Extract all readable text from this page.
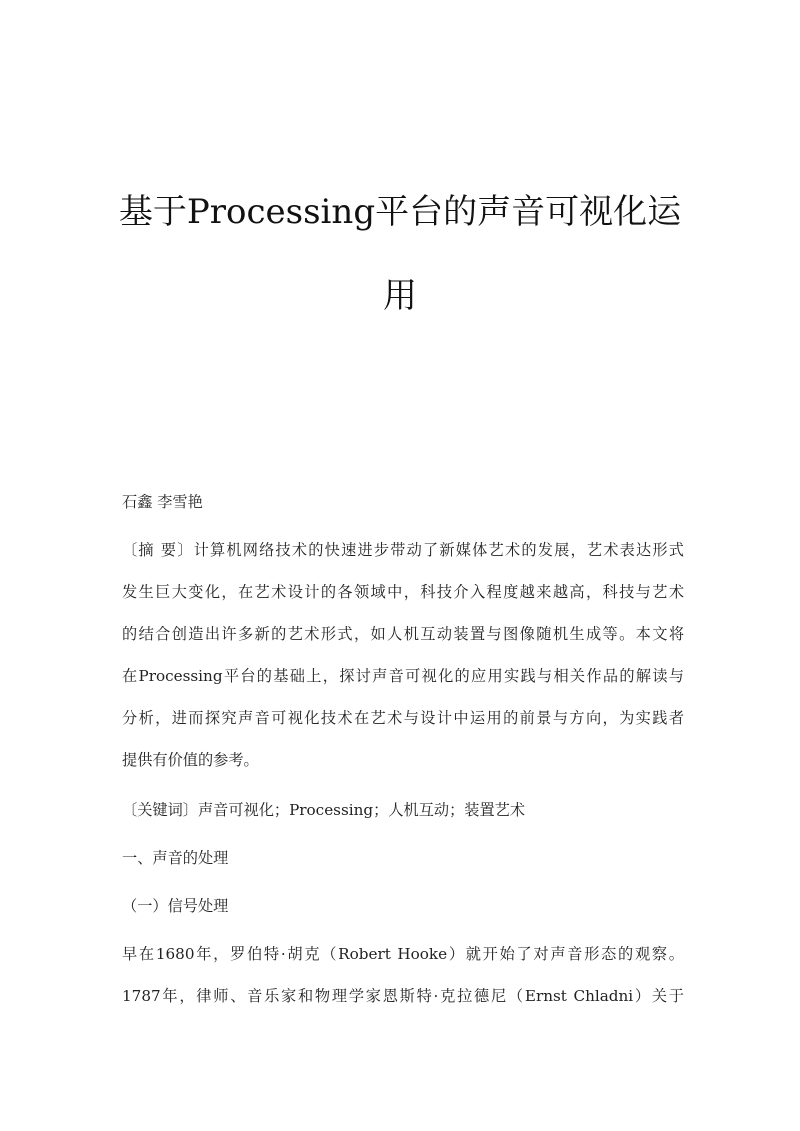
基于Processing平台的声音可视化运
用
石鑫 李雪艳
〔摘 要〕计算机网络技术的快速进步带动了新媒体艺术的发展，艺术表达形式
发生巨大变化，在艺术设计的各领域中，科技介入程度越来越高，科技与艺术
的结合创造出许多新的艺术形式，如人机互动装置与图像随机生成等。本文将
在Processing平台的基础上，探讨声音可视化的应用实践与相关作品的解读与
分析，进而探究声音可视化技术在艺术与设计中运用的前景与方向，为实践者
提供有价值的参考。
〔关键词〕声音可视化；Processing；人机互动；装置艺术
一、声音的处理
（一）信号处理
早在1680年，罗伯特·胡克（Robert Hooke）就开始了对声音形态的观察。
1787年，律师、音乐家和物理学家恩斯特·克拉德尼（Ernst Chladni）关于
